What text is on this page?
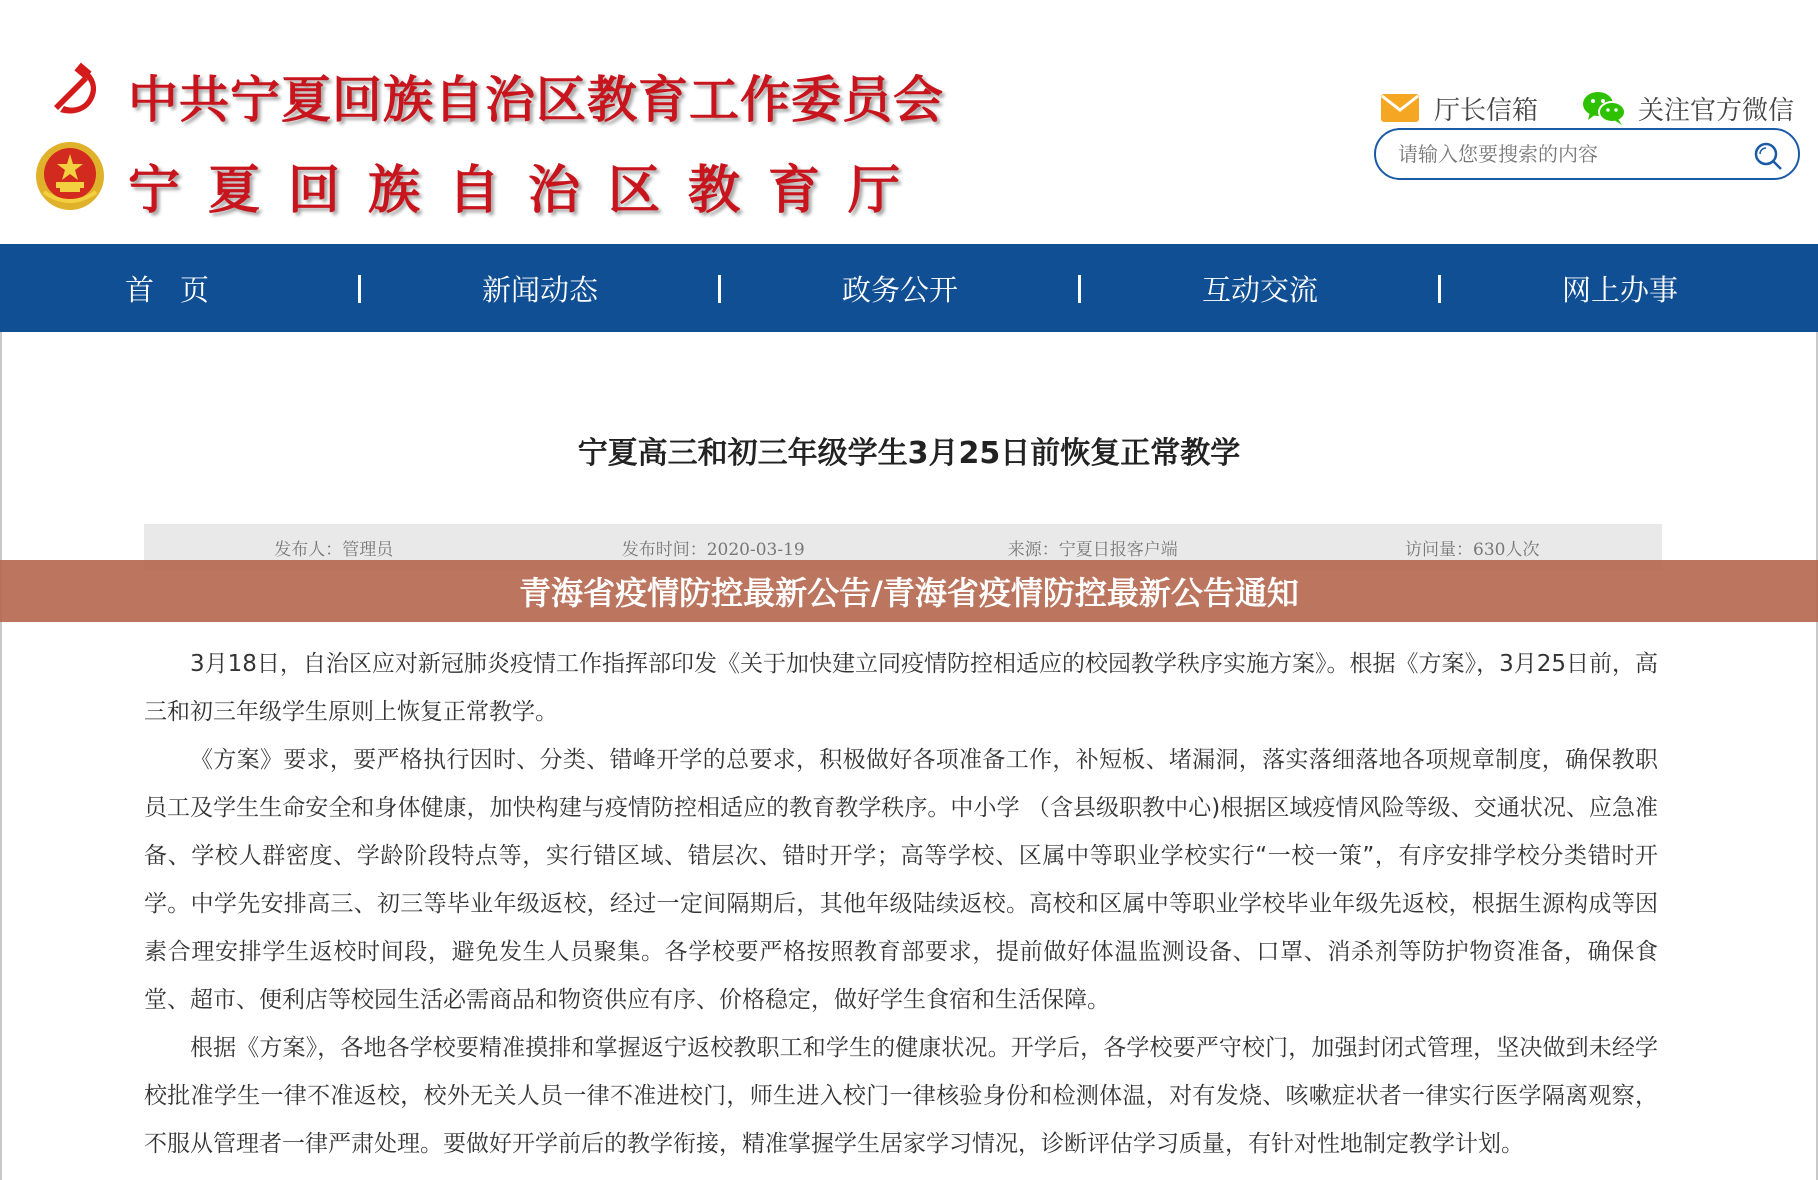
中共宁夏回族自治区教育工作委员会
宁夏回族自治区教育厅
厅长信箱	关注官方微信
请输入您要搜索的内容
首页	新闻动态	政务公开	互动交流	网上办事
宁夏高三和初三年级学生3月25日前恢复正常教学
发布人：管理员	发布时间：2020-03-19	来源：宁夏日报客户端	访问量：630人次
青海省疫情防控最新公告/青海省疫情防控最新公告通知

3月18日，自治区应对新冠肺炎疫情工作指挥部印发《关于加快建立同疫情防控相适应的校园教学秩序实施方案》。根据《方案》，3月25日前，高三和初三年级学生原则上恢复正常教学。

《方案》要求，要严格执行因时、分类、错峰开学的总要求，积极做好各项准备工作，补短板、堵漏洞，落实落细落地各项规章制度，确保教职员工及学生生命安全和身体健康，加快构建与疫情防控相适应的教育教学秩序。中小学 （含县级职教中心)根据区域疫情风险等级、交通状况、应急准备、学校人群密度、学龄阶段特点等，实行错区域、错层次、错时开学；高等学校、区属中等职业学校实行“一校一策”，有序安排学校分类错时开学。中学先安排高三、初三等毕业年级返校，经过一定间隔期后，其他年级陆续返校。高校和区属中等职业学校毕业年级先返校，根据生源构成等因素合理安排学生返校时间段，避免发生人员聚集。各学校要严格按照教育部要求，提前做好体温监测设备、口罩、消杀剂等防护物资准备，确保食堂、超市、便利店等校园生活必需商品和物资供应有序、价格稳定，做好学生食宿和生活保障。

根据《方案》，各地各学校要精准摸排和掌握返宁返校教职工和学生的健康状况。开学后，各学校要严守校门，加强封闭式管理，坚决做到未经学校批准学生一律不准返校，校外无关人员一律不准进校门，师生进入校门一律核验身份和检测体温，对有发烧、咳嗽症状者一律实行医学隔离观察，不服从管理者一律严肃处理。要做好开学前后的教学衔接，精准掌握学生居家学习情况，诊断评估学习质量，有针对性地制定教学计划。
